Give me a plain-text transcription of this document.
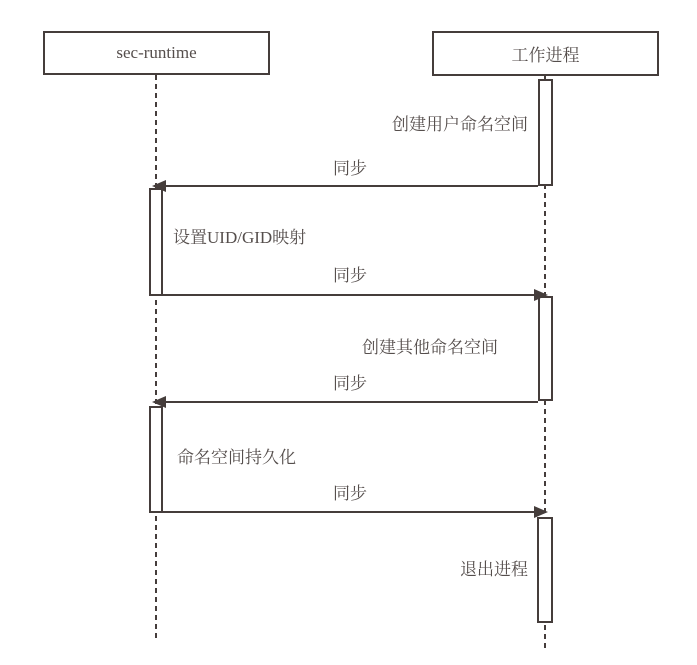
sec-runtime	工作进程
创建用户命名空间
设置UID/GID映射
创建其他命名空间
命名空间持久化
退出进程
同步
同步
同步
同步
